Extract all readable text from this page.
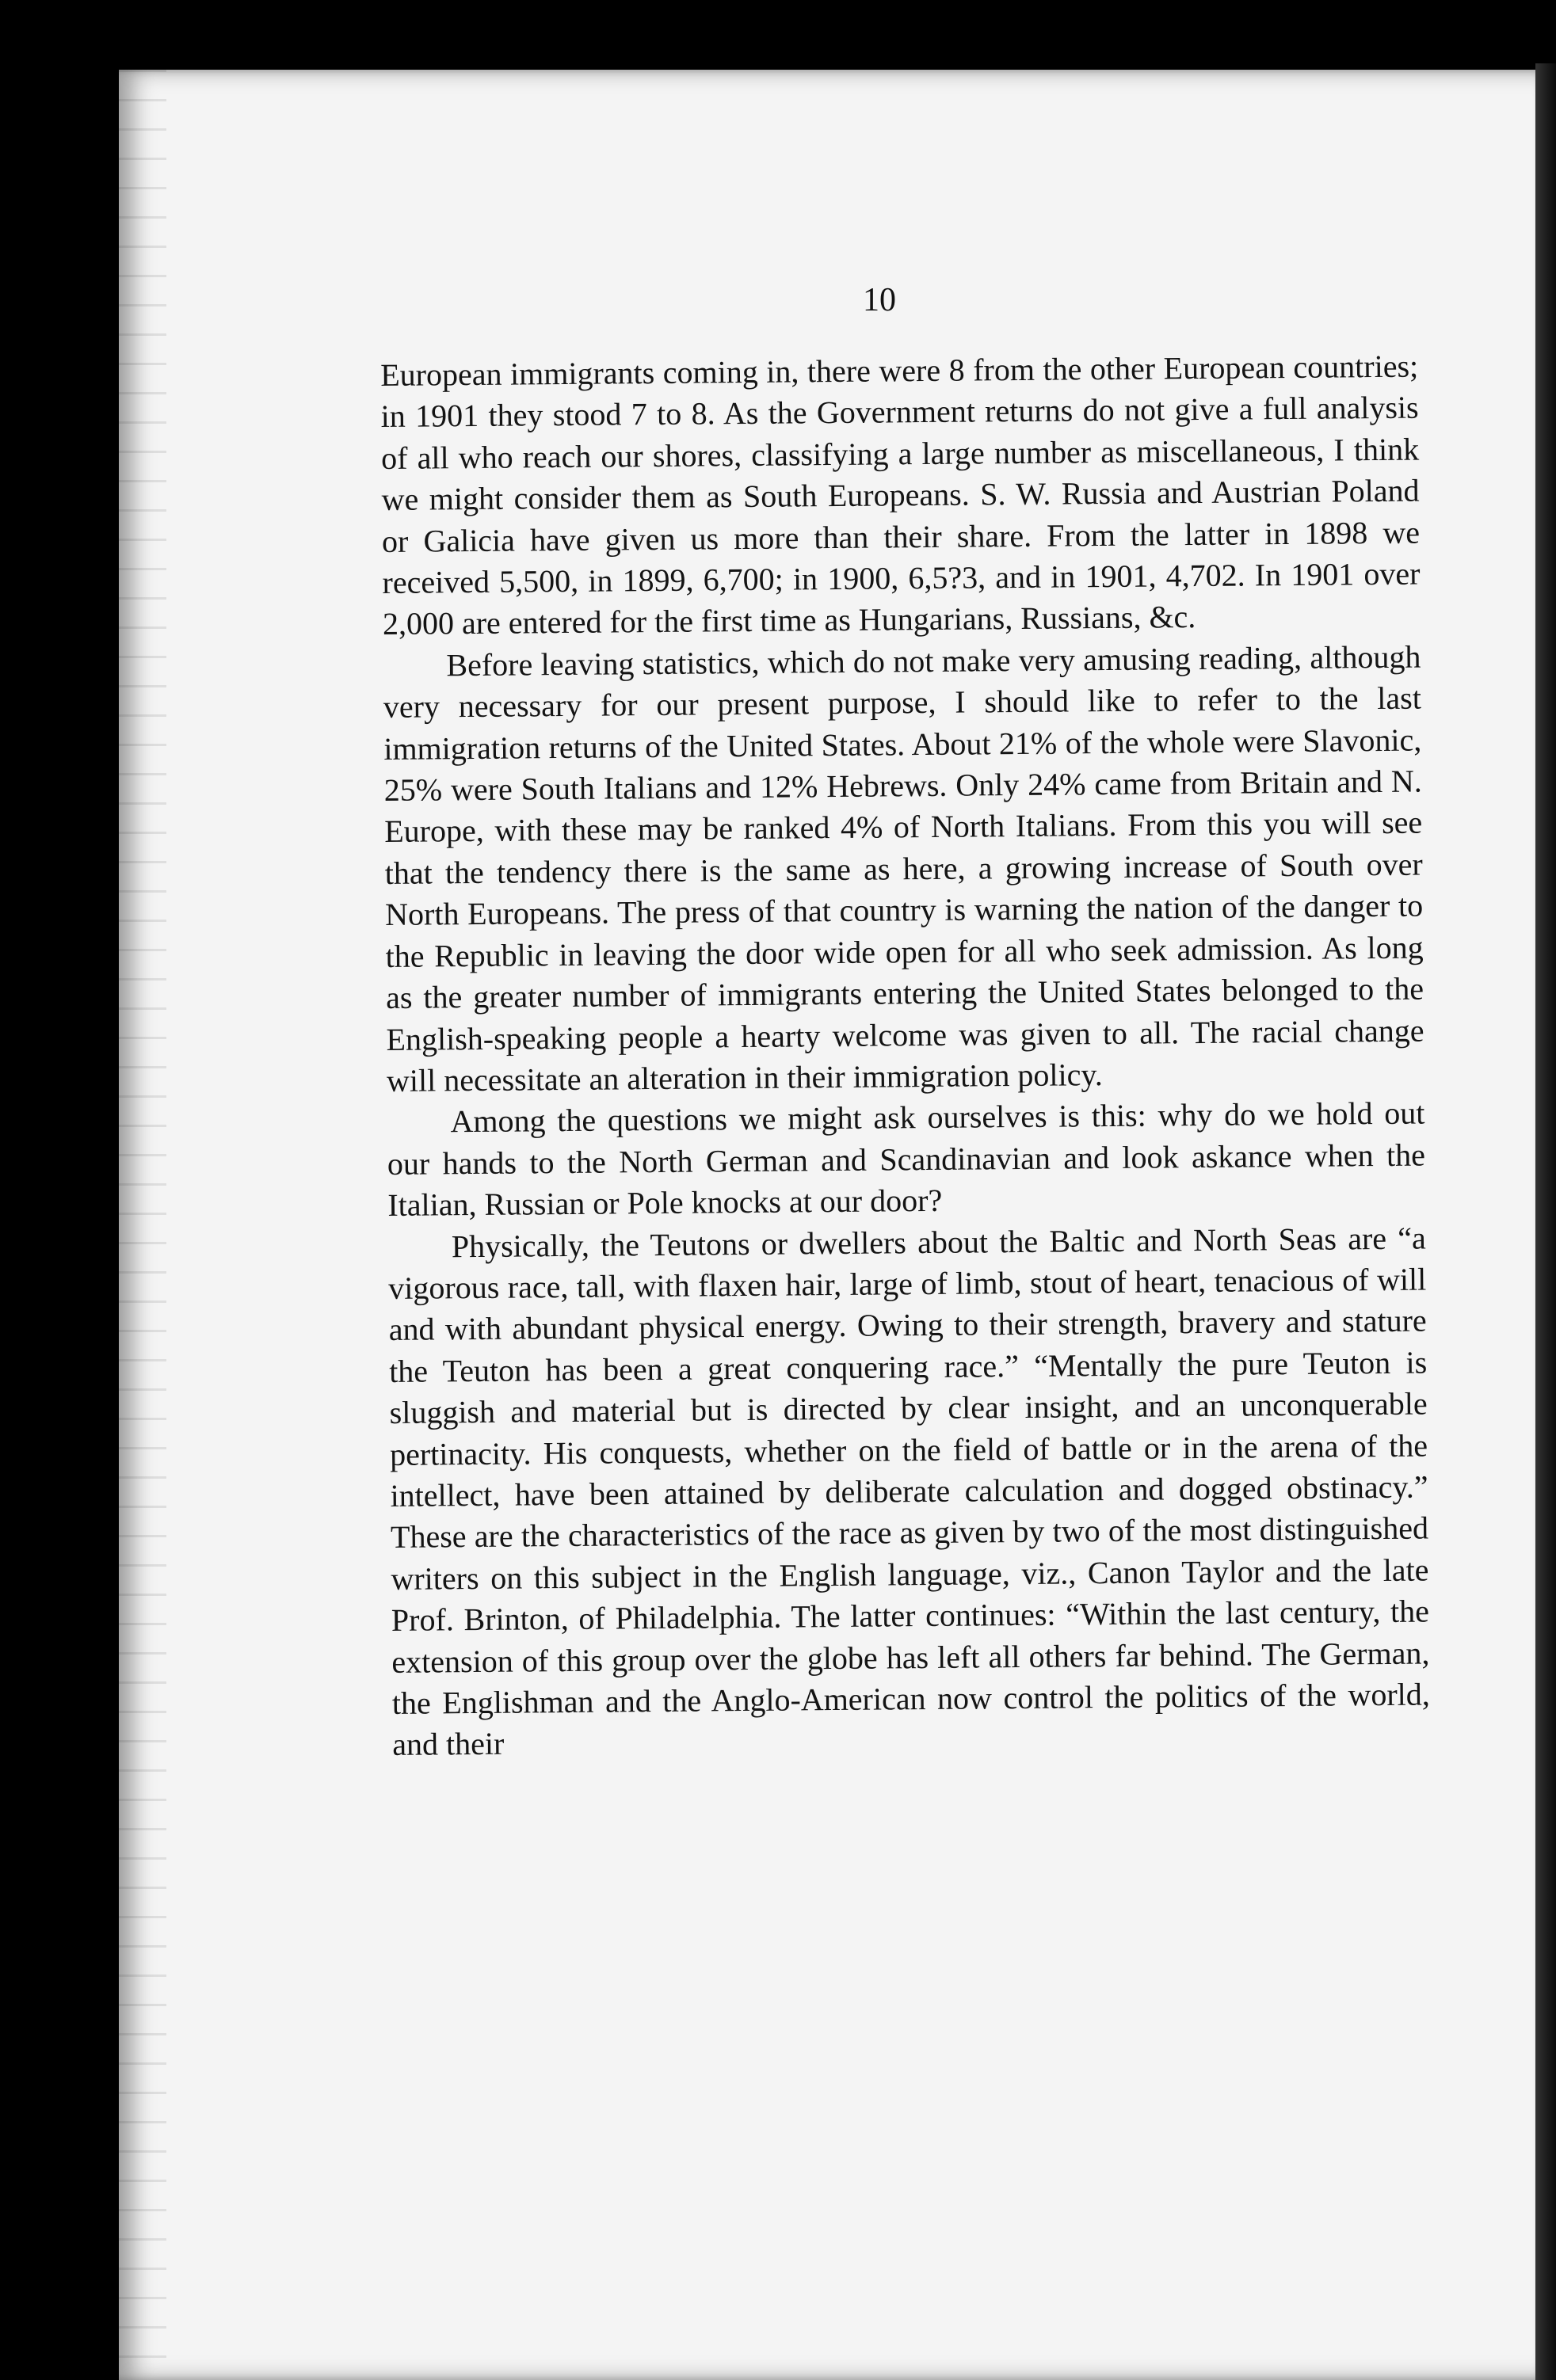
10

European immigrants coming in, there were 8 from the other European countries; in 1901 they stood 7 to 8. As the Government returns do not give a full analysis of all who reach our shores, classifying a large number as miscellaneous, I think we might consider them as South Europeans. S. W. Russia and Austrian Poland or Galicia have given us more than their share. From the latter in 1898 we received 5,500, in 1899, 6,700; in 1900, 6,5?3, and in 1901, 4,702. In 1901 over 2,000 are entered for the first time as Hungarians, Russians, &c.

Before leaving statistics, which do not make very amusing reading, although very necessary for our present purpose, I should like to refer to the last immigration returns of the United States. About 21% of the whole were Slavonic, 25% were South Italians and 12% Hebrews. Only 24% came from Britain and N. Europe, with these may be ranked 4% of North Italians. From this you will see that the tendency there is the same as here, a growing increase of South over North Europeans. The press of that country is warning the nation of the danger to the Republic in leaving the door wide open for all who seek admission. As long as the greater number of immigrants entering the United States belonged to the English-speaking people a hearty welcome was given to all. The racial change will necessitate an alteration in their immigration policy.

Among the questions we might ask ourselves is this: why do we hold out our hands to the North German and Scandinavian and look askance when the Italian, Russian or Pole knocks at our door?

Physically, the Teutons or dwellers about the Baltic and North Seas are “a vigorous race, tall, with flaxen hair, large of limb, stout of heart, tenacious of will and with abundant physical energy. Owing to their strength, bravery and stature the Teuton has been a great conquering race.” “Mentally the pure Teuton is sluggish and material but is directed by clear insight, and an unconquerable pertinacity. His conquests, whether on the field of battle or in the arena of the intellect, have been attained by deliberate calculation and dogged obstinacy.” These are the characteristics of the race as given by two of the most distinguished writers on this subject in the English language, viz., Canon Taylor and the late Prof. Brinton, of Philadelphia. The latter continues: “Within the last century, the extension of this group over the globe has left all others far behind. The German, the Englishman and the Anglo-American now control the politics of the world, and their
